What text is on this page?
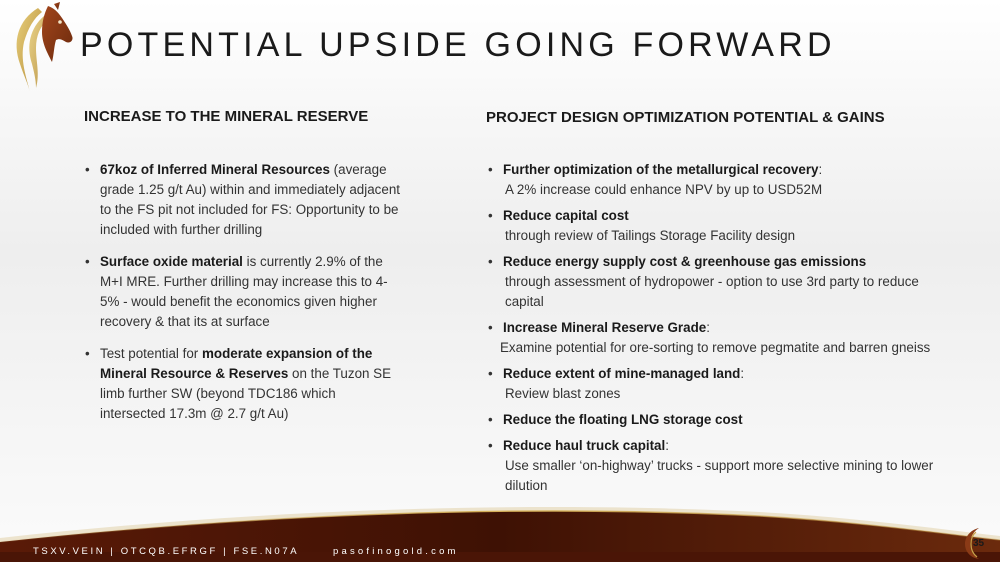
POTENTIAL UPSIDE GOING FORWARD
INCREASE TO THE MINERAL RESERVE
• 67koz of Inferred Mineral Resources (average grade 1.25 g/t Au) within and immediately adjacent to the FS pit not included for FS: Opportunity to be included with further drilling
• Surface oxide material is currently 2.9% of the M+I MRE. Further drilling may increase this to 4-5% - would benefit the economics given higher recovery & that its at surface
• Test potential for moderate expansion of the Mineral Resource & Reserves on the Tuzon SE limb further SW (beyond TDC186 which intersected 17.3m @ 2.7 g/t Au)
PROJECT DESIGN OPTIMIZATION POTENTIAL & GAINS
• Further optimization of the metallurgical recovery:
A 2% increase could enhance NPV by up to USD52M
• Reduce capital cost
through review of Tailings Storage Facility design
• Reduce energy supply cost & greenhouse gas emissions
through assessment of hydropower - option to use 3rd party to reduce capital
• Increase Mineral Reserve Grade:
Examine potential for ore-sorting to remove pegmatite and barren gneiss
• Reduce extent of mine-managed land:
Review blast zones
• Reduce the floating LNG storage cost
• Reduce haul truck capital:
Use smaller ‘on-highway’ trucks - support more selective mining to lower dilution
TSXV.VEIN | OTCQB.EFRGF | FSE.N07A	pasofinogold.com
35
